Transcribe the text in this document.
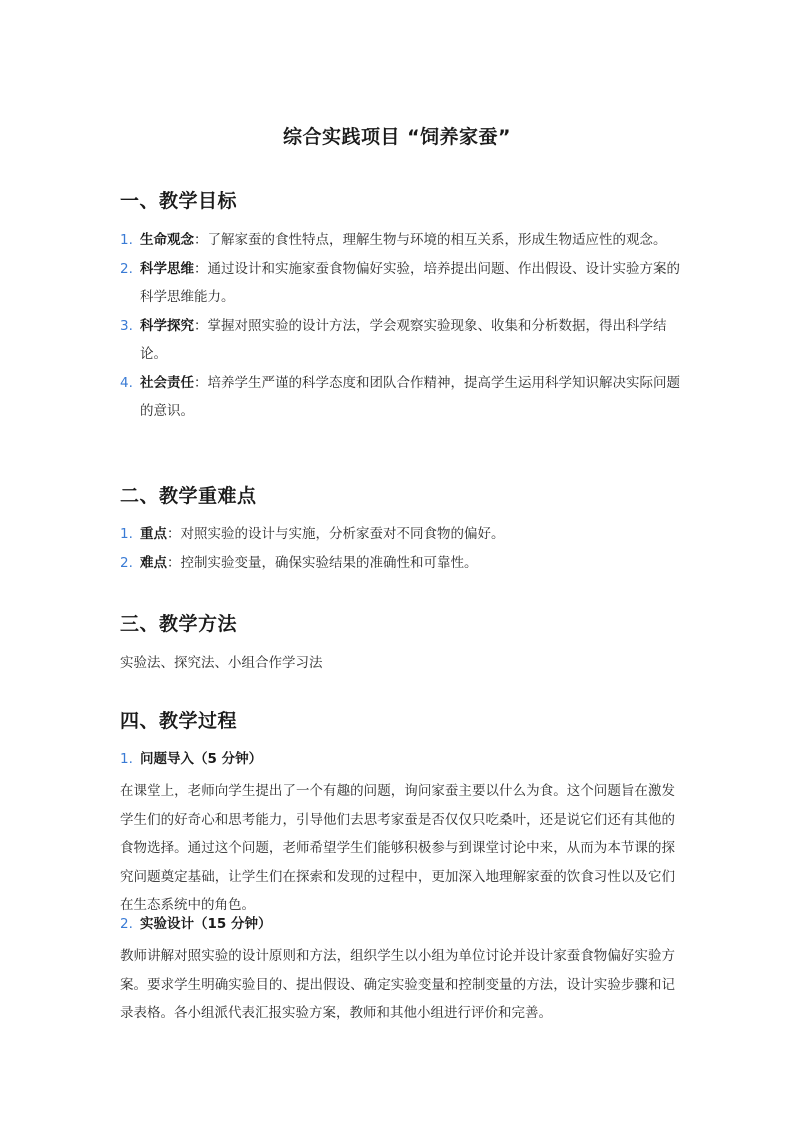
综合实践项目 “饲养家蚕”
一、教学目标
1. 生命观念：了解家蚕的食性特点，理解生物与环境的相互关系，形成生物适应性的观念。
2. 科学思维：通过设计和实施家蚕食物偏好实验，培养提出问题、作出假设、设计实验方案的科学思维能力。
3. 科学探究：掌握对照实验的设计方法，学会观察实验现象、收集和分析数据，得出科学结论。
4. 社会责任：培养学生严谨的科学态度和团队合作精神，提高学生运用科学知识解决实际问题的意识。
二、教学重难点
1. 重点：对照实验的设计与实施，分析家蚕对不同食物的偏好。
2. 难点：控制实验变量，确保实验结果的准确性和可靠性。
三、教学方法

实验法、探究法、小组合作学习法

四、教学过程
1. 问题导入（5 分钟）

在课堂上，老师向学生提出了一个有趣的问题，询问家蚕主要以什么为食。这个问题旨在激发学生们的好奇心和思考能力，引导他们去思考家蚕是否仅仅只吃桑叶，还是说它们还有其他的食物选择。通过这个问题，老师希望学生们能够积极参与到课堂讨论中来，从而为本节课的探究问题奠定基础，让学生们在探索和发现的过程中，更加深入地理解家蚕的饮食习性以及它们在生态系统中的角色。

2. 实验设计（15 分钟）

教师讲解对照实验的设计原则和方法，组织学生以小组为单位讨论并设计家蚕食物偏好实验方案。要求学生明确实验目的、提出假设、确定实验变量和控制变量的方法，设计实验步骤和记录表格。各小组派代表汇报实验方案，教师和其他小组进行评价和完善。
